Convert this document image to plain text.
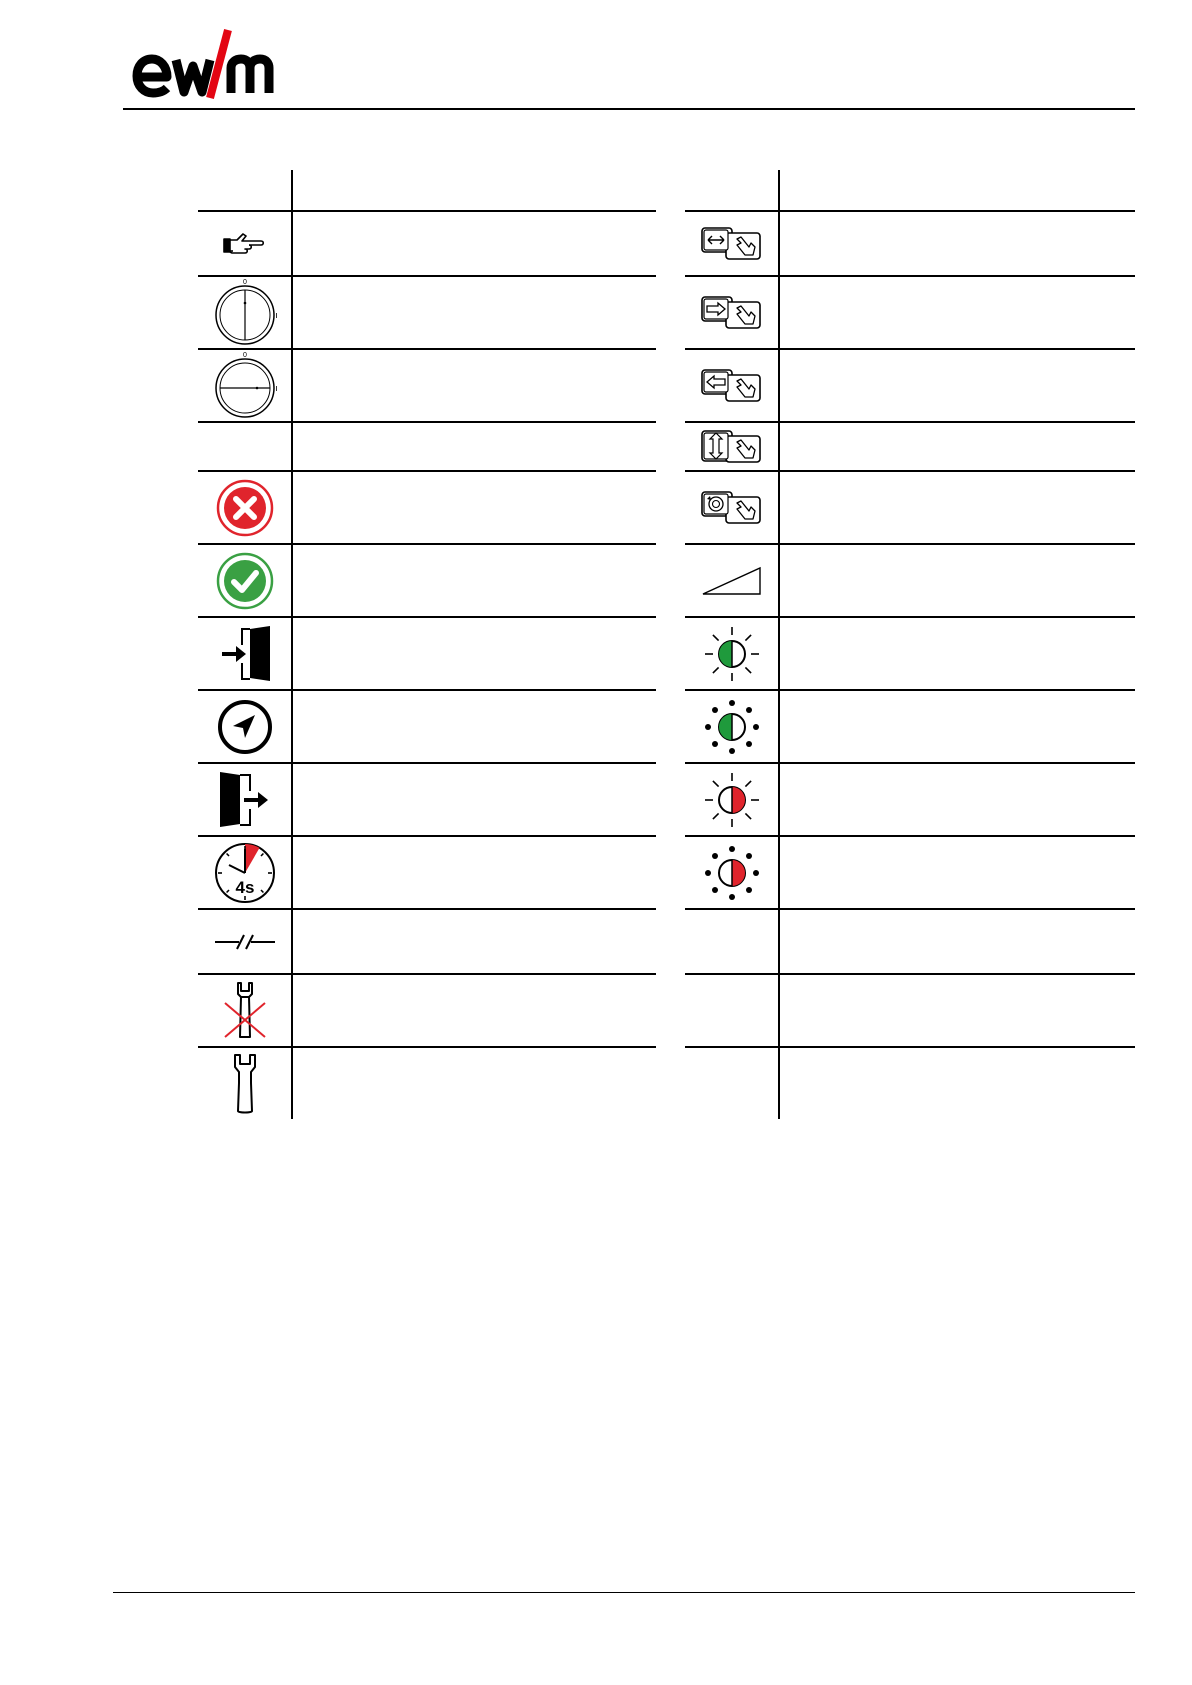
0
0
4s
